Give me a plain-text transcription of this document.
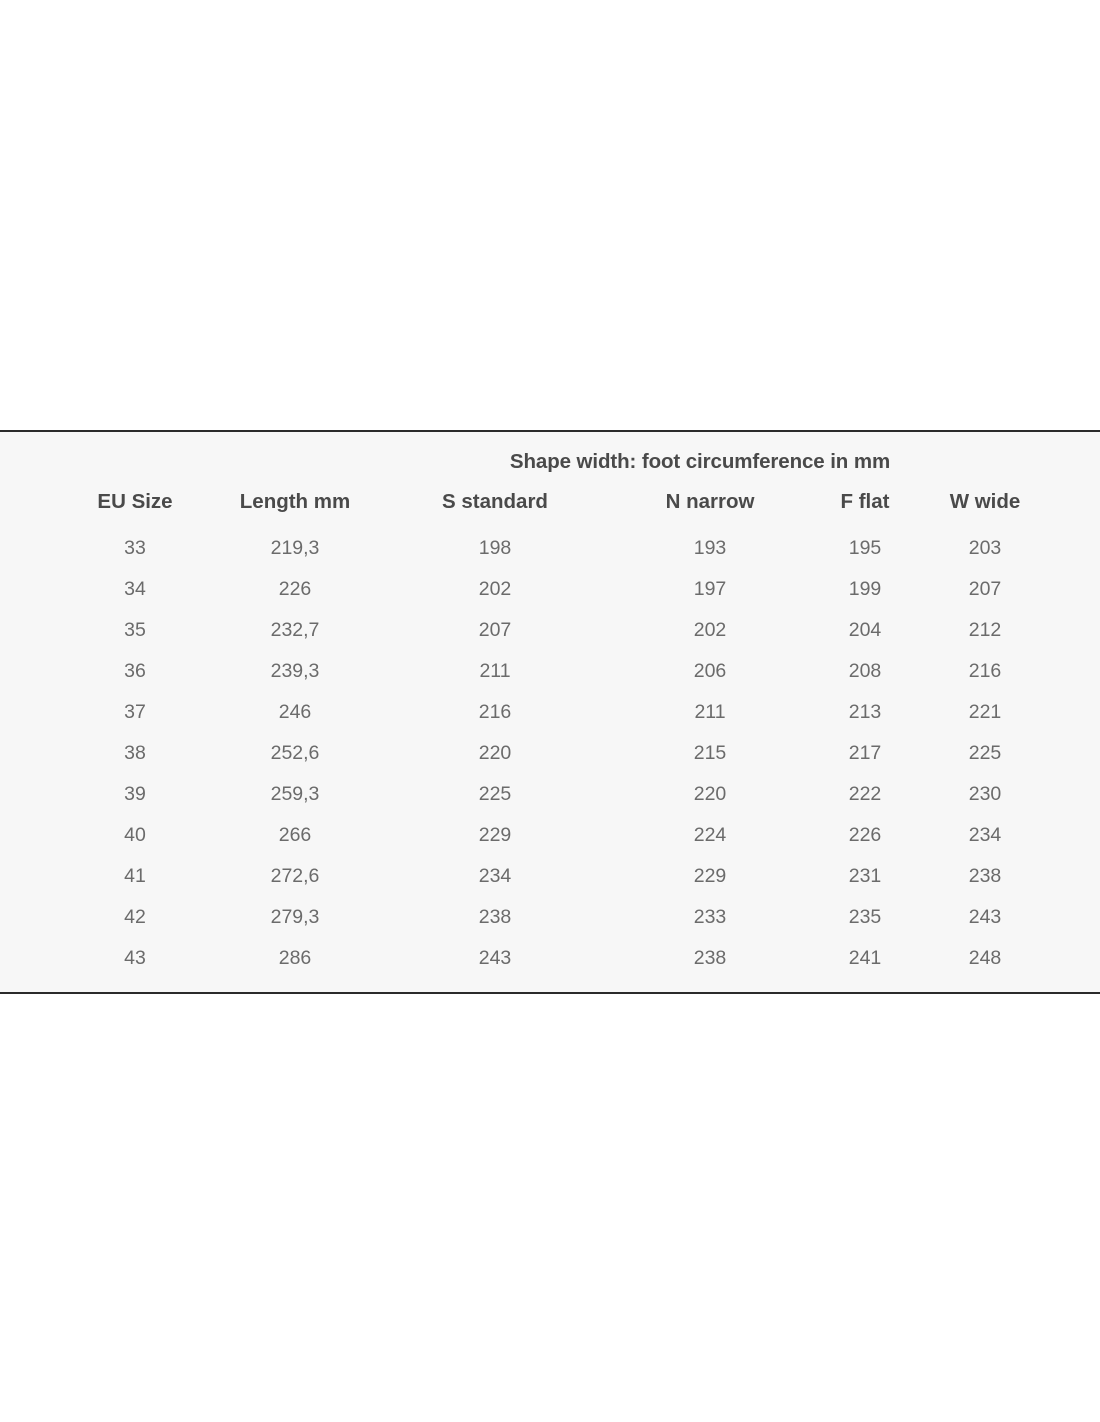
Shape width: foot circumference in mm
EU Size	Length mm	S standard	N narrow	F flat	W wide
33	219,3	198	193	195	203
34	226	202	197	199	207
35	232,7	207	202	204	212
36	239,3	211	206	208	216
37	246	216	211	213	221
38	252,6	220	215	217	225
39	259,3	225	220	222	230
40	266	229	224	226	234
41	272,6	234	229	231	238
42	279,3	238	233	235	243
43	286	243	238	241	248
